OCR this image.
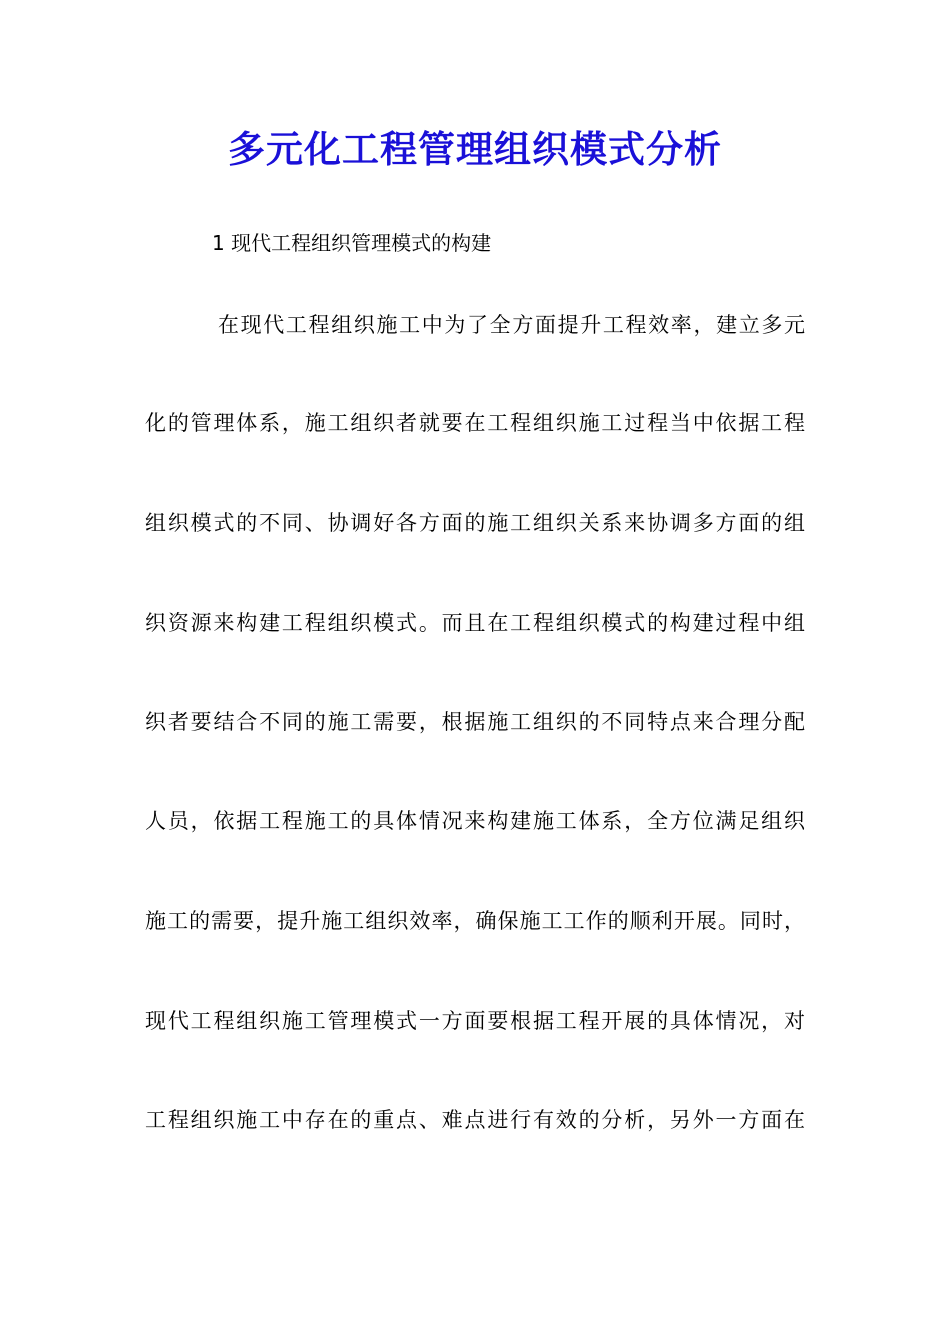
多元化工程管理组织模式分析

1 现代工程组织管理模式的构建

在现代工程组织施工中为了全方面提升工程效率，建立多元
化的管理体系，施工组织者就要在工程组织施工过程当中依据工程
组织模式的不同、协调好各方面的施工组织关系来协调多方面的组
织资源来构建工程组织模式。而且在工程组织模式的构建过程中组
织者要结合不同的施工需要，根据施工组织的不同特点来合理分配
人员，依据工程施工的具体情况来构建施工体系，全方位满足组织
施工的需要，提升施工组织效率，确保施工工作的顺利开展。同时，
现代工程组织施工管理模式一方面要根据工程开展的具体情况，对
工程组织施工中存在的重点、难点进行有效的分析，另外一方面在
